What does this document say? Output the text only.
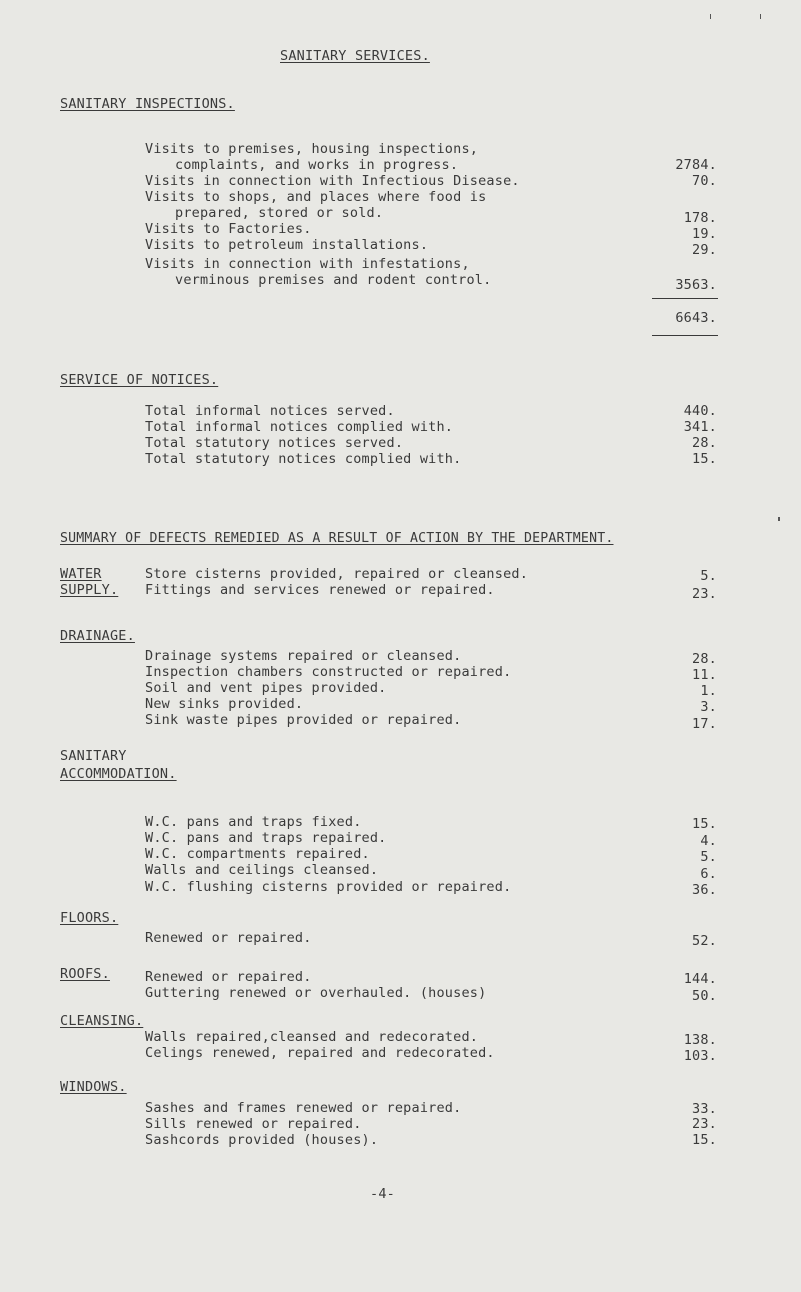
SANITARY SERVICES.
SANITARY INSPECTIONS.
Visits to premises, housing inspections,
complaints, and works in progress.	2784.
Visits in connection with Infectious Disease.	70.
Visits to shops, and places where food is
prepared, stored or sold.	178.
Visits to Factories.	19.
Visits to petroleum installations.	29.
Visits in connection with infestations,
verminous premises and rodent control.	3563.
6643.
SERVICE OF NOTICES.
Total informal notices served.	440.
Total informal notices complied with.	341.
Total statutory notices served.	28.
Total statutory notices complied with.	15.
SUMMARY OF DEFECTS REMEDIED AS A RESULT OF ACTION BY THE DEPARTMENT.
WATER
SUPPLY.
Store cisterns provided, repaired or cleansed.	5.
Fittings and services renewed or repaired.	23.
DRAINAGE.
Drainage systems repaired or cleansed.	28.
Inspection chambers constructed or repaired.	11.
Soil and vent pipes provided.	1.
New sinks provided.	3.
Sink waste pipes provided or repaired.	17.
SANITARY
ACCOMMODATION.
W.C. pans and traps fixed.	15.
W.C. pans and traps repaired.	4.
W.C. compartments repaired.	5.
Walls and ceilings cleansed.	6.
W.C. flushing cisterns provided or repaired.	36.
FLOORS.
Renewed or repaired.	52.
ROOFS.	Renewed or repaired.	144.
Guttering renewed or overhauled. (houses)	50.
CLEANSING.
Walls repaired,cleansed and redecorated.	138.
Celings renewed, repaired and redecorated.	103.
WINDOWS.
Sashes and frames renewed or repaired.	33.
Sills renewed or repaired.	23.
Sashcords provided (houses).	15.
-4-
